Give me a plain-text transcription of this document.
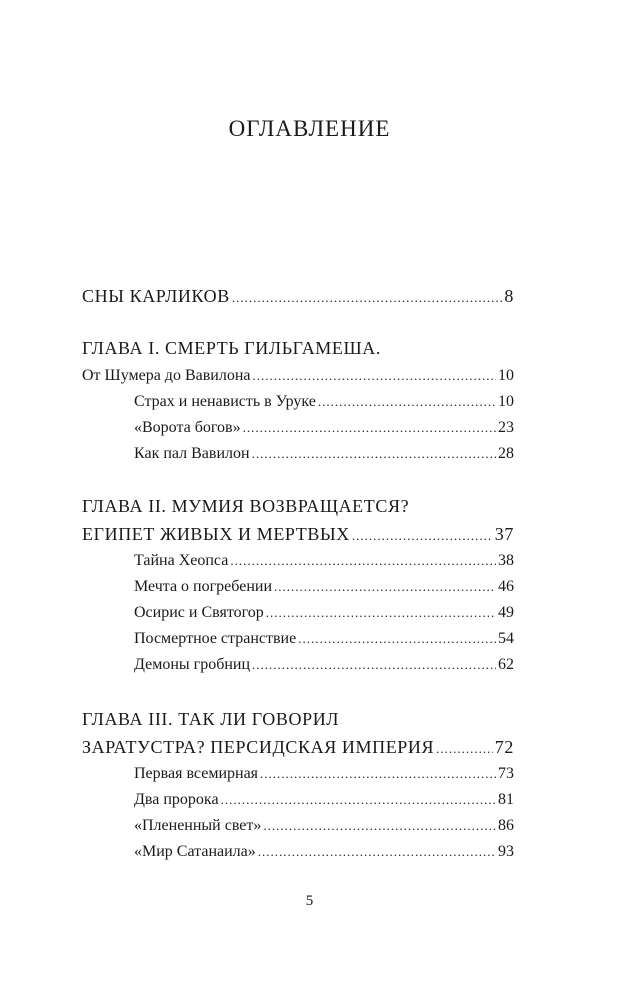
ОГЛАВЛЕНИЕ
СНЫ КАРЛИКОВ .....	8
ГЛАВА I. СМЕРТЬ ГИЛЬГАМЕША.
От Шумера до Вавилона .....	10
Страх и ненависть в Уруке .....	10
«Ворота богов» .....	23
Как пал Вавилон .....	28
ГЛАВА II. МУМИЯ ВОЗВРАЩАЕТСЯ?
ЕГИПЕТ ЖИВЫХ И МЕРТВЫХ .....	37
Тайна Хеопса .....	38
Мечта о погребении .....	46
Осирис и Святогор .....	49
Посмертное странствие .....	54
Демоны гробниц .....	62
ГЛАВА III. ТАК ЛИ ГОВОРИЛ
ЗАРАТУСТРА? ПЕРСИДСКАЯ ИМПЕРИЯ .....	72
Первая всемирная .....	73
Два пророка .....	81
«Плененный свет» .....	86
«Мир Сатанаила» .....	93
5
